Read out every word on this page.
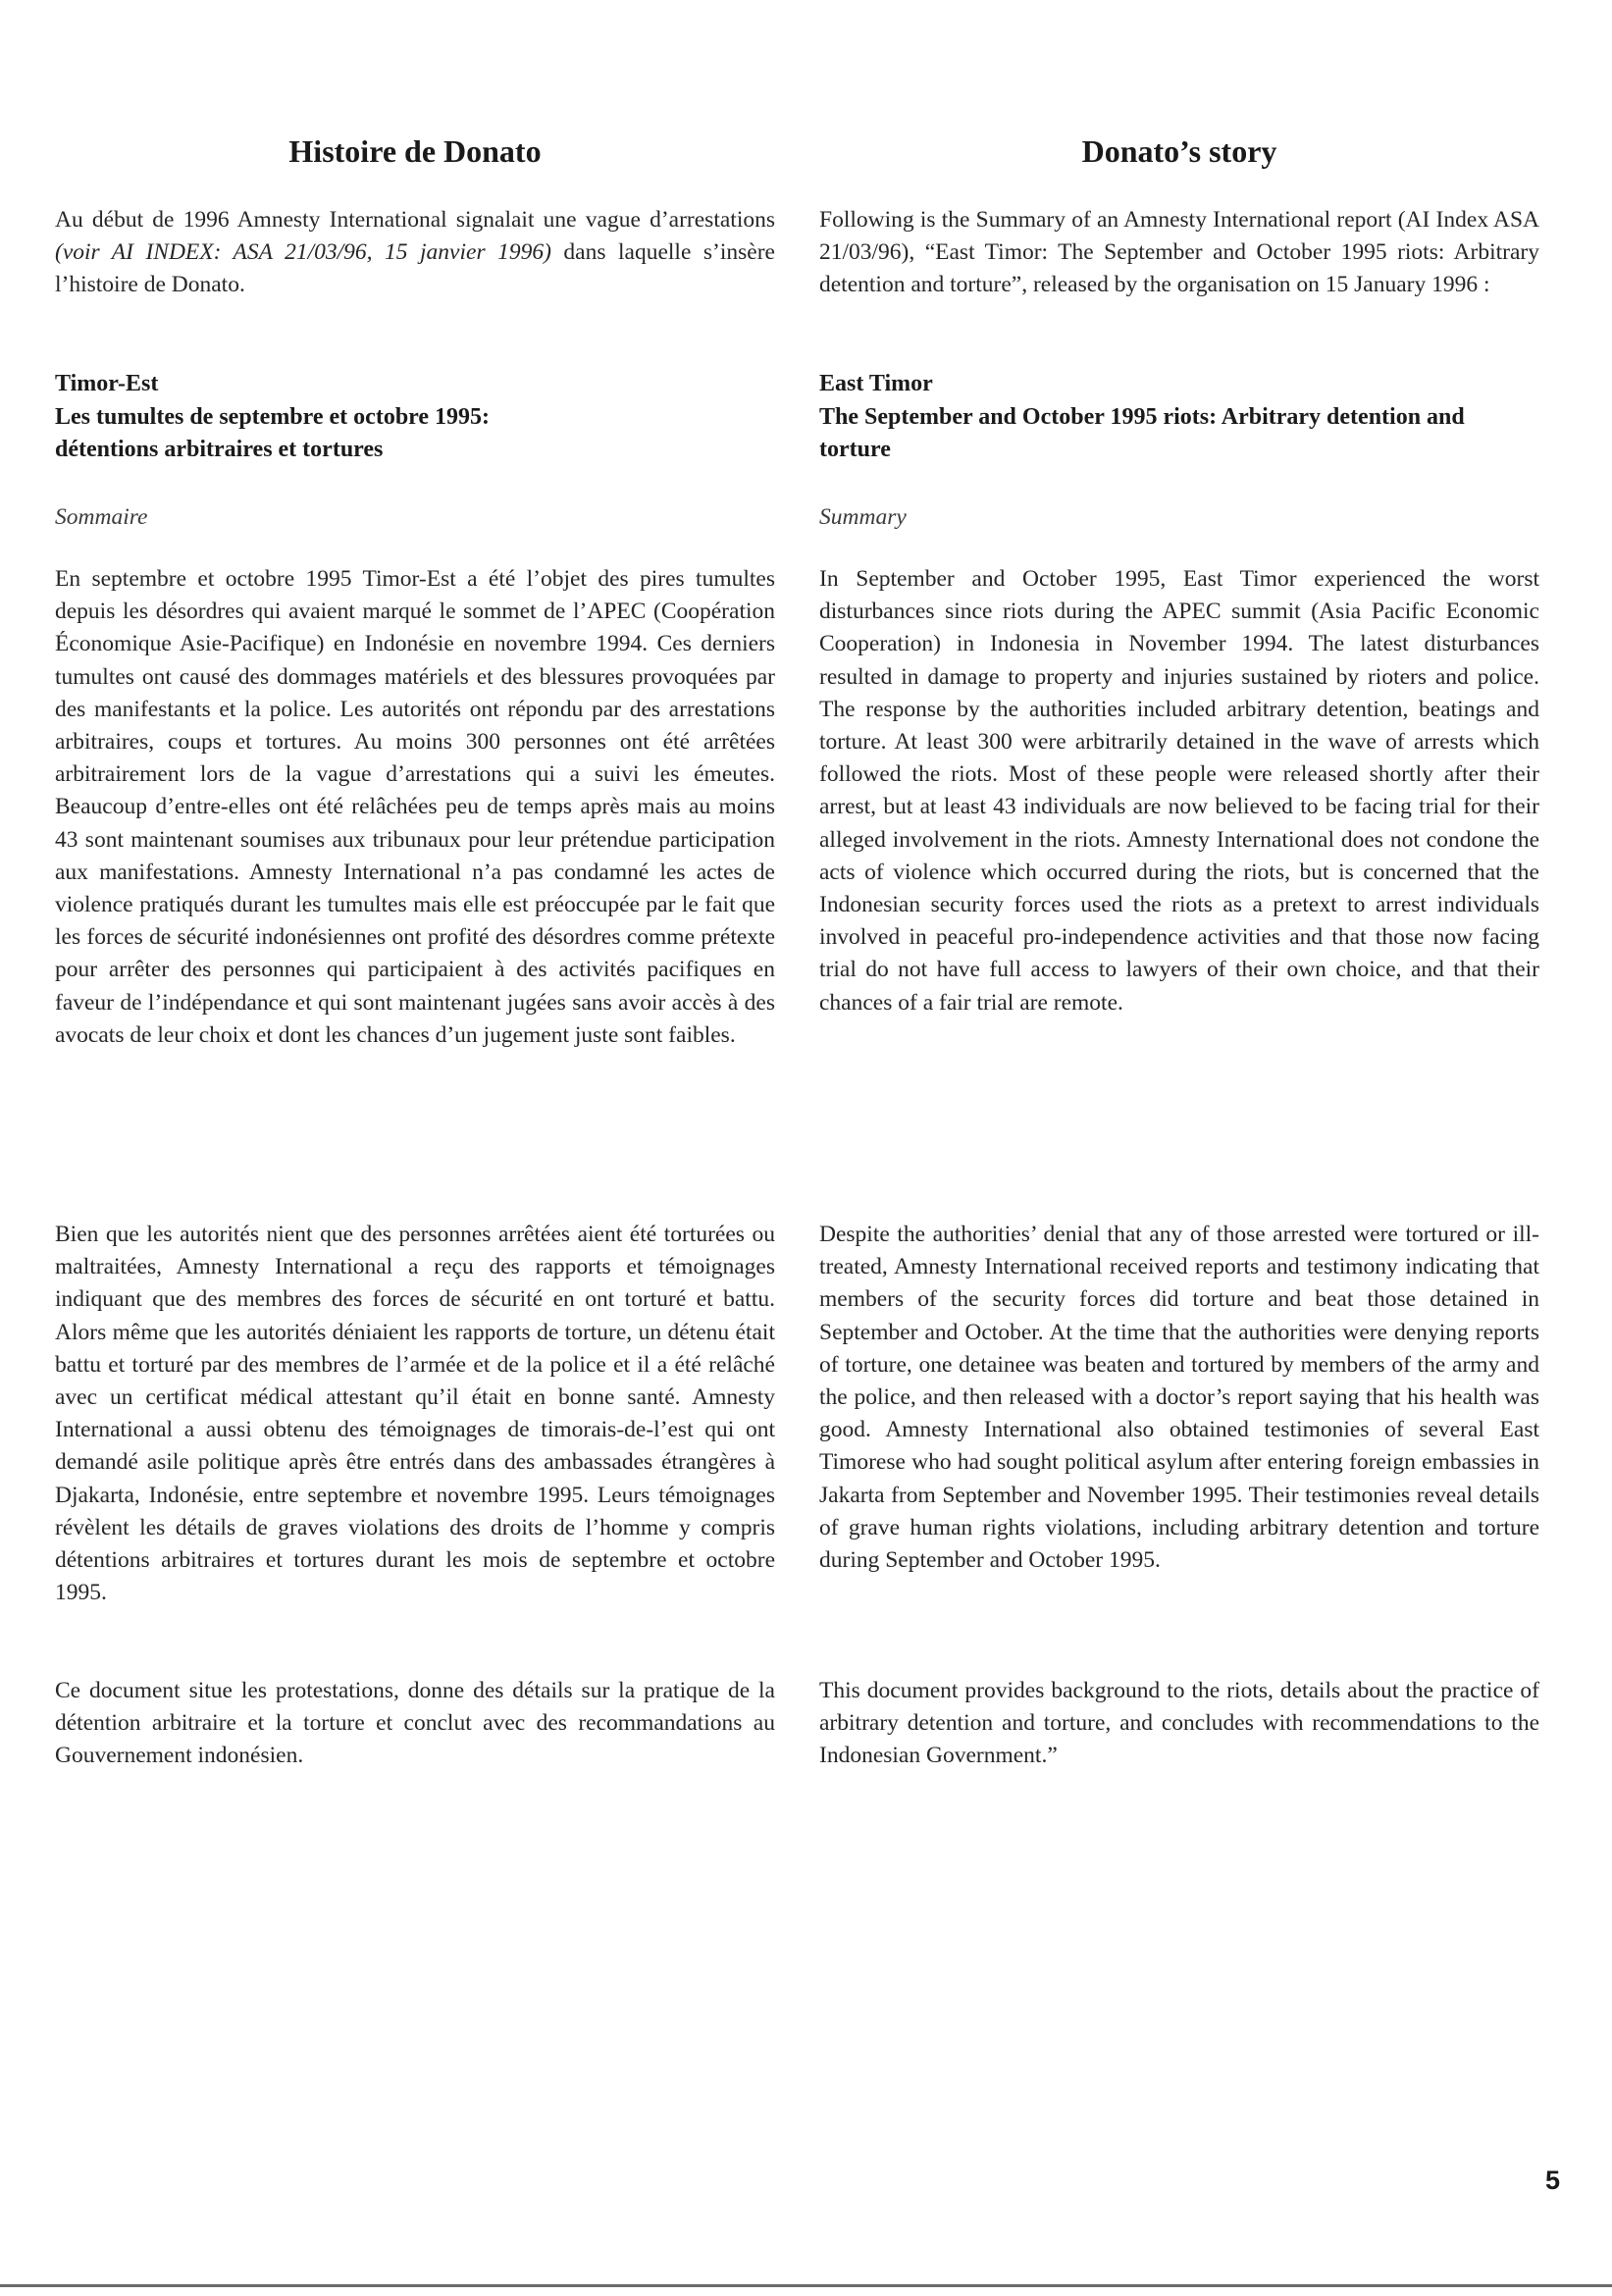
Histoire de Donato

Au début de 1996 Amnesty International signalait une vague d’arrestations (voir AI INDEX: ASA 21/03/96, 15 janvier 1996) dans laquelle s’insère l’histoire de Donato.

Timor-Est
Les tumultes de septembre et octobre 1995:
détentions arbitraires et tortures

Sommaire

En septembre et octobre 1995 Timor-Est a été l’objet des pires tumultes depuis les désordres qui avaient marqué le sommet de l’APEC (Coopération Économique Asie-Pacifique) en Indonésie en novembre 1994. Ces derniers tumultes ont causé des dommages matériels et des blessures provoquées par des manifestants et la police. Les autorités ont répondu par des arrestations arbitraires, coups et tortures. Au moins 300 personnes ont été arrêtées arbitrairement lors de la vague d’arrestations qui a suivi les émeutes. Beaucoup d’entre-elles ont été relâchées peu de temps après mais au moins 43 sont maintenant soumises aux tribunaux pour leur prétendue participation aux manifestations. Amnesty International n’a pas condamné les actes de violence pratiqués durant les tumultes mais elle est préoccupée par le fait que les forces de sécurité indonésiennes ont profité des désordres comme prétexte pour arrêter des personnes qui participaient à des activités pacifiques en faveur de l’indépendance et qui sont maintenant jugées sans avoir accès à des avocats de leur choix et dont les chances d’un jugement juste sont faibles.

Bien que les autorités nient que des personnes arrêtées aient été torturées ou maltraitées, Amnesty International a reçu des rapports et témoignages indiquant que des membres des forces de sécurité en ont torturé et battu. Alors même que les autorités déniaient les rapports de torture, un détenu était battu et torturé par des membres de l’armée et de la police et il a été relâché avec un certificat médical attestant qu’il était en bonne santé. Amnesty International a aussi obtenu des témoignages de timorais-de-l’est qui ont demandé asile politique après être entrés dans des ambassades étrangères à Djakarta, Indonésie, entre septembre et novembre 1995. Leurs témoignages révèlent les détails de graves violations des droits de l’homme y compris détentions arbitraires et tortures durant les mois de septembre et octobre 1995.

Ce document situe les protestations, donne des détails sur la pratique de la détention arbitraire et la torture et conclut avec des recommandations au Gouvernement indonésien.

Donato’s story

Following is the Summary of an Amnesty International report (AI Index ASA 21/03/96), “East Timor: The September and October 1995 riots: Arbitrary detention and torture”, released by the organisation on 15 January 1996 :

East Timor
The September and October 1995 riots: Arbitrary detention and torture

Summary

In September and October 1995, East Timor experienced the worst disturbances since riots during the APEC summit (Asia Pacific Economic Cooperation) in Indonesia in November 1994. The latest disturbances resulted in damage to property and injuries sustained by rioters and police. The response by the authorities included arbitrary detention, beatings and torture. At least 300 were arbitrarily detained in the wave of arrests which followed the riots. Most of these people were released shortly after their arrest, but at least 43 individuals are now believed to be facing trial for their alleged involvement in the riots. Amnesty International does not condone the acts of violence which occurred during the riots, but is concerned that the Indonesian security forces used the riots as a pretext to arrest individuals involved in peaceful pro-independence activities and that those now facing trial do not have full access to lawyers of their own choice, and that their chances of a fair trial are remote.

Despite the authorities’ denial that any of those arrested were tortured or ill-treated, Amnesty International received reports and testimony indicating that members of the security forces did torture and beat those detained in September and October. At the time that the authorities were denying reports of torture, one detainee was beaten and tortured by members of the army and the police, and then released with a doctor’s report saying that his health was good. Amnesty International also obtained testimonies of several East Timorese who had sought political asylum after entering foreign embassies in Jakarta from September and November 1995. Their testimonies reveal details of grave human rights violations, including arbitrary detention and torture during September and October 1995.

This document provides background to the riots, details about the practice of arbitrary detention and torture, and concludes with recommendations to the Indonesian Government.”

5
